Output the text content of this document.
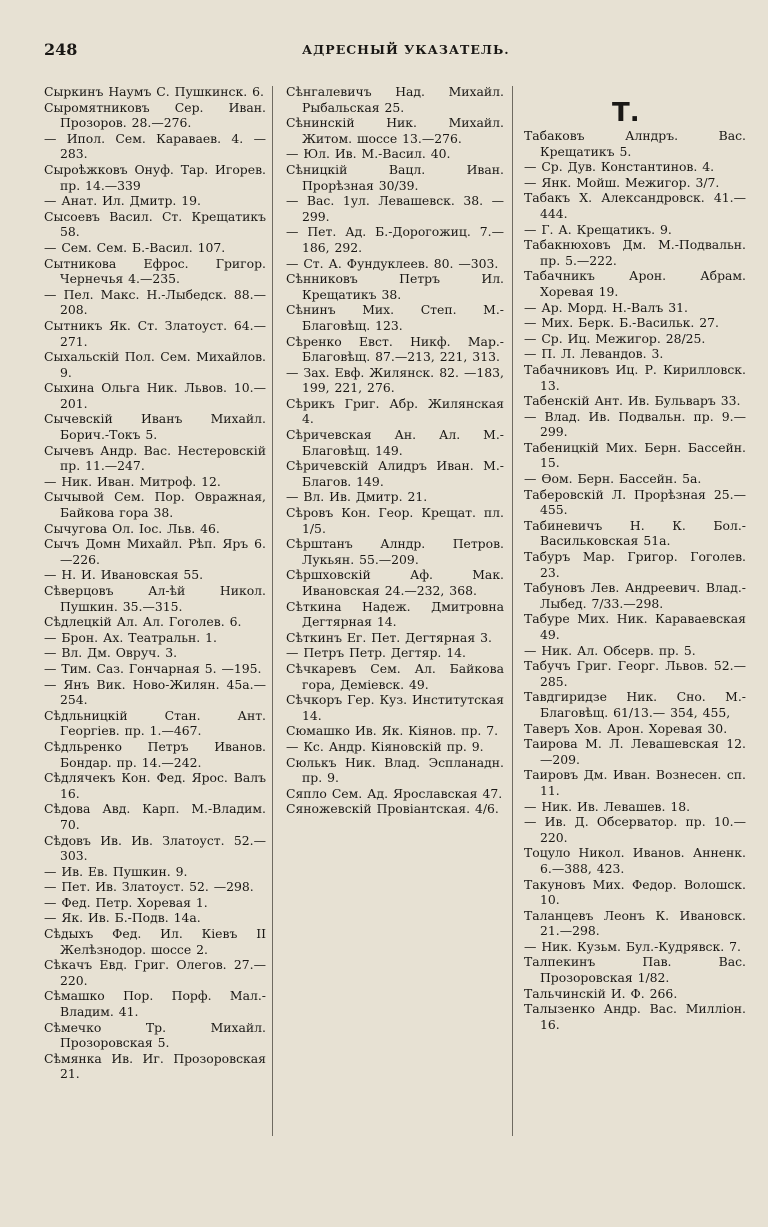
248	АДРЕСНЫЙ УКАЗАТЕЛЬ.

Сыркинъ Наумъ С. Пушкинск. 6.

Сыромятниковъ Сер. Иван. Прозоров. 28.—276.

— Ипол. Сем. Караваев. 4. —283.

Сыроѣжковъ Онуф. Тар. Игорев. пр. 14.—339

— Анат. Ил. Дмитр. 19.

Сысоевъ Васил. Ст. Крещатикъ 58.

— Сем. Сем. Б.-Васил. 107.

Сытникова Ефрос. Григор. Чернечья 4.—235.

— Пел. Макс. Н.-Лыбедск. 88.—208.

Сытникъ Як. Ст. Златоуст. 64.—271.

Сыхальскій Пол. Сем. Михайлов. 9.

Сыхина Ольга Ник. Львов. 10.—201.

Сычевскій Иванъ Михайл. Борич.-Токъ 5.

Сычевъ Андр. Вас. Нестеровскій пр. 11.—247.

— Ник. Иван. Митроф. 12.

Сычывой Сем. Пор. Овражная, Байкова гора 38.

Сычугова Ол. Іос. Льв. 46.

Сычъ Домн Михайл. Рѣп. Яръ 6.—226.

— Н. И. Ивановская 55.

Сѣверцовъ Ал-ѣй Никол. Пушкин. 35.—315.

Сѣдлецкій Ал. Ал. Гоголев. 6.

— Брон. Ах. Театральн. 1.

— Вл. Дм. Овруч. 3.

— Тим. Саз. Гончарная 5. —195.

— Янъ Вик. Ново-Жилян. 45а.—254.

Сѣдльницкій Стан. Ант. Георгіев. пр. 1.—467.

Сѣдльренко Петръ Иванов. Бондар. пр. 14.—242.

Сѣдлячекъ Кон. Фед. Ярос. Валъ 16.

Сѣдова Авд. Карп. М.-Владим. 70.

Сѣдовъ Ив. Ив. Златоуст. 52.—303.

— Ив. Ев. Пушкин. 9.

— Пет. Ив. Златоуст. 52. —298.

— Фед. Петр. Хоревая 1.

— Як. Ив. Б.-Подв. 14а.

Сѣдыхъ Фед. Ил. Кіевъ II Желѣзнодор. шоссе 2.

Сѣкачъ Евд. Григ. Олегов. 27.—220.

Сѣмашко Пор. Порф. Мал.-Владим. 41.

Сѣмечко Тр. Михайл. Прозоровская 5.

Сѣмянка Ив. Иг. Прозоровская 21.

Сѣнгалевичъ Над. Михайл. Рыбальская 25.

Сѣнинскій Ник. Михайл. Житом. шоссе 13.—276.

— Юл. Ив. М.-Васил. 40.

Сѣницкій Вацл. Иван. Прорѣзная 30/39.

— Вас. 1ул. Левашевск. 38. —299.

— Пет. Ад. Б.-Дорогожиц. 7.—186, 292.

— Ст. А. Фундуклеев. 80. —303.

Сѣнниковъ Петръ Ил. Крещатикъ 38.

Сѣнинъ Мих. Степ. М.-Благовѣщ. 123.

Сѣренко Евст. Никф. Мар.-Благовѣщ. 87.—213, 221, 313.

— Зах. Евф. Жилянск. 82. —183, 199, 221, 276.

Сѣрикъ Григ. Абр. Жилянская 4.

Сѣричевская Ан. Ал. М.-Благовѣщ. 149.

Сѣричевскій Алидръ Иван. М.-Благов. 149.

— Вл. Ив. Дмитр. 21.

Сѣровъ Кон. Геор. Крещат. пл. 1/5.

Сѣрштанъ Алндр. Петров. Лукьян. 55.—209.

Сѣршховскій Аф. Мак. Ивановская 24.—232, 368.

Сѣткина Надеж. Дмитровна Дегтярная 14.

Сѣткинъ Ег. Пет. Дегтярная 3.

— Петръ Петр. Дегтяр. 14.

Сѣчкаревъ Сем. Ал. Байкова гора, Деміевск. 49.

Сѣчкоръ Гер. Куз. Институтская 14.

Сюмашко Ив. Як. Кіянов. пр. 7.

— Кс. Андр. Кіяновскій пр. 9.

Сюлькъ Ник. Влад. Эспланадн. пр. 9.

Сяпло Сем. Ад. Ярославская 47.

Сяножевскій Провіантская. 4/6.

Т.

Табаковъ Алндръ. Вас. Крещатикъ 5.

— Ср. Дув. Константинов. 4.

— Янк. Мойш. Межигор. 3/7.

Табакъ Х. Александровск. 41.—444.

— Г. А. Крещатикъ. 9.

Табакнюховъ Дм. М.-Подвальн. пр. 5.—222.

Табачникъ Арон. Абрам. Хоревая 19.

— Ар. Морд. Н.-Валъ 31.

— Мих. Берк. Б.-Васильк. 27.

— Ср. Иц. Межигор. 28/25.

— П. Л. Левандов. 3.

Табачниковъ Иц. Р. Кирилловск. 13.

Табенскій Ант. Ив. Бульваръ 33.

— Влад. Ив. Подвальн. пр. 9.—299.

Табеницкій Мих. Берн. Бассейн. 15.

— Ѳом. Берн. Бассейн. 5а.

Таберовскій Л. Прорѣзная 25.—455.

Табиневичъ Н. К. Бол.-Васильковская 51а.

Табуръ Мар. Григор. Гоголев. 23.

Табуновъ Лев. Андреевич. Влад.-Лыбед. 7/33.—298.

Табуре Мих. Ник. Караваевская 49.

— Ник. Ал. Обсерв. пр. 5.

Табучъ Григ. Георг. Львов. 52.—285.

Тавдгиридзе Ник. Сно. М.-Благовѣщ. 61/13.— 354, 455,

Таверъ Хов. Арон. Хоревая 30.

Таирова М. Л. Левашевская 12.—209.

Таировъ Дм. Иван. Вознесен. сп. 11.

— Ник. Ив. Левашев. 18.

— Ив. Д. Обсерватор. пр. 10.—220.

Тоцуло Никол. Иванов. Анненк. 6.—388, 423.

Такуновъ Мих. Федор. Волошск. 10.

Таланцевъ Леонъ К. Ивановск. 21.—298.

— Ник. Кузьм. Бул.-Кудрявск. 7.

Талпекинъ Пав. Вас. Прозоровская 1/82.

Тальчинскій И. Ф. 266.

Талызенко Андр. Вас. Милліон. 16.
